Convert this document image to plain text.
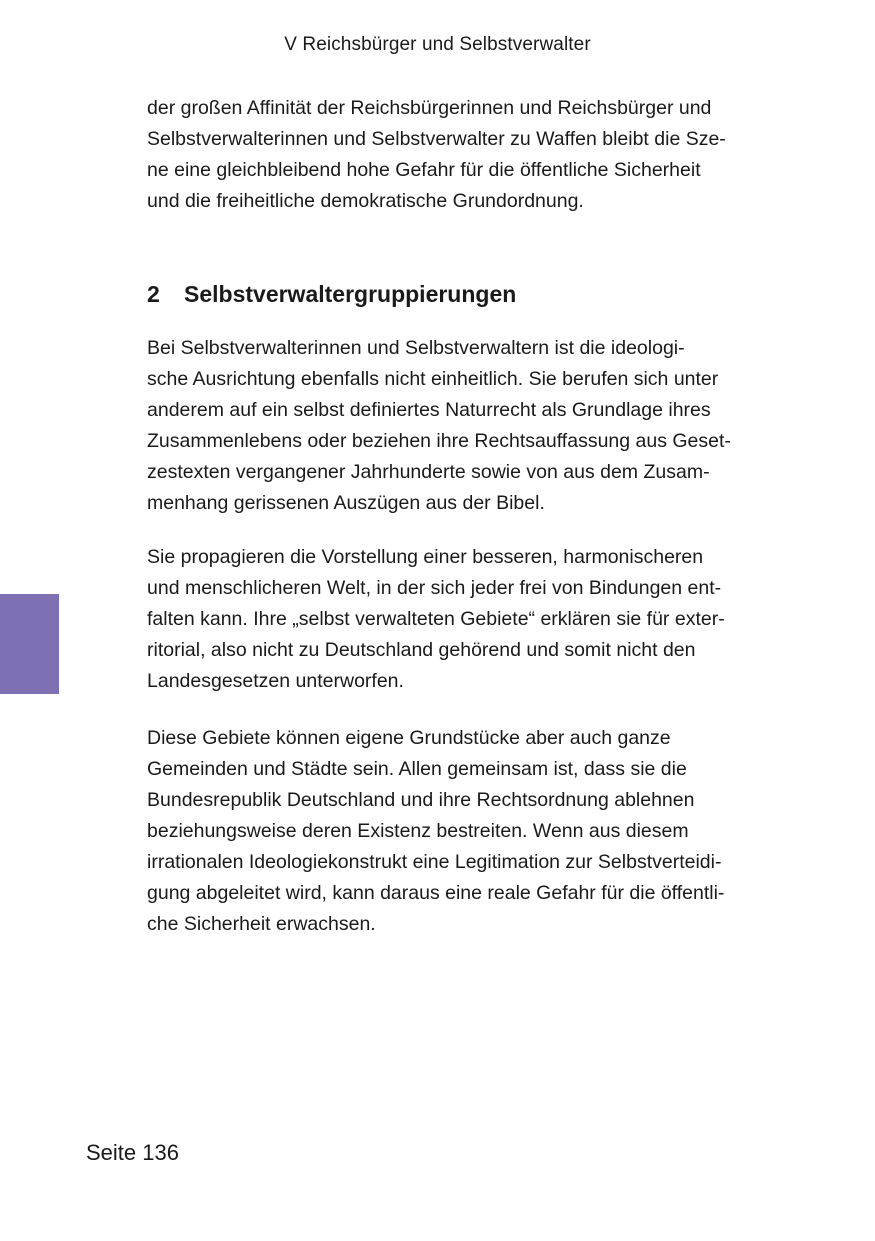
V Reichsbürger und Selbstverwalter

der großen Affinität der Reichsbürgerinnen und Reichsbürger und
Selbstverwalterinnen und Selbstverwalter zu Waffen bleibt die Sze-
ne eine gleichbleibend hohe Gefahr für die öffentliche Sicherheit
und die freiheitliche demokratische Grundordnung.
2 Selbstverwaltergruppierungen
Bei Selbstverwalterinnen und Selbstverwaltern ist die ideologi-
sche Ausrichtung ebenfalls nicht einheitlich. Sie berufen sich unter
anderem auf ein selbst definiertes Naturrecht als Grundlage ihres
Zusammenlebens oder beziehen ihre Rechtsauffassung aus Geset-
zestexten vergangener Jahrhunderte sowie von aus dem Zusam-
menhang gerissenen Auszügen aus der Bibel.
Sie propagieren die Vorstellung einer besseren, harmonischeren
und menschlicheren Welt, in der sich jeder frei von Bindungen ent-
falten kann. Ihre „selbst verwalteten Gebiete“ erklären sie für exter-
ritorial, also nicht zu Deutschland gehörend und somit nicht den
Landesgesetzen unterworfen.
Diese Gebiete können eigene Grundstücke aber auch ganze
Gemeinden und Städte sein. Allen gemeinsam ist, dass sie die
Bundesrepublik Deutschland und ihre Rechtsordnung ablehnen
beziehungsweise deren Existenz bestreiten. Wenn aus diesem
irrationalen Ideologiekonstrukt eine Legitimation zur Selbstverteidi-
gung abgeleitet wird, kann daraus eine reale Gefahr für die öffentli-
che Sicherheit erwachsen.

Seite 136
